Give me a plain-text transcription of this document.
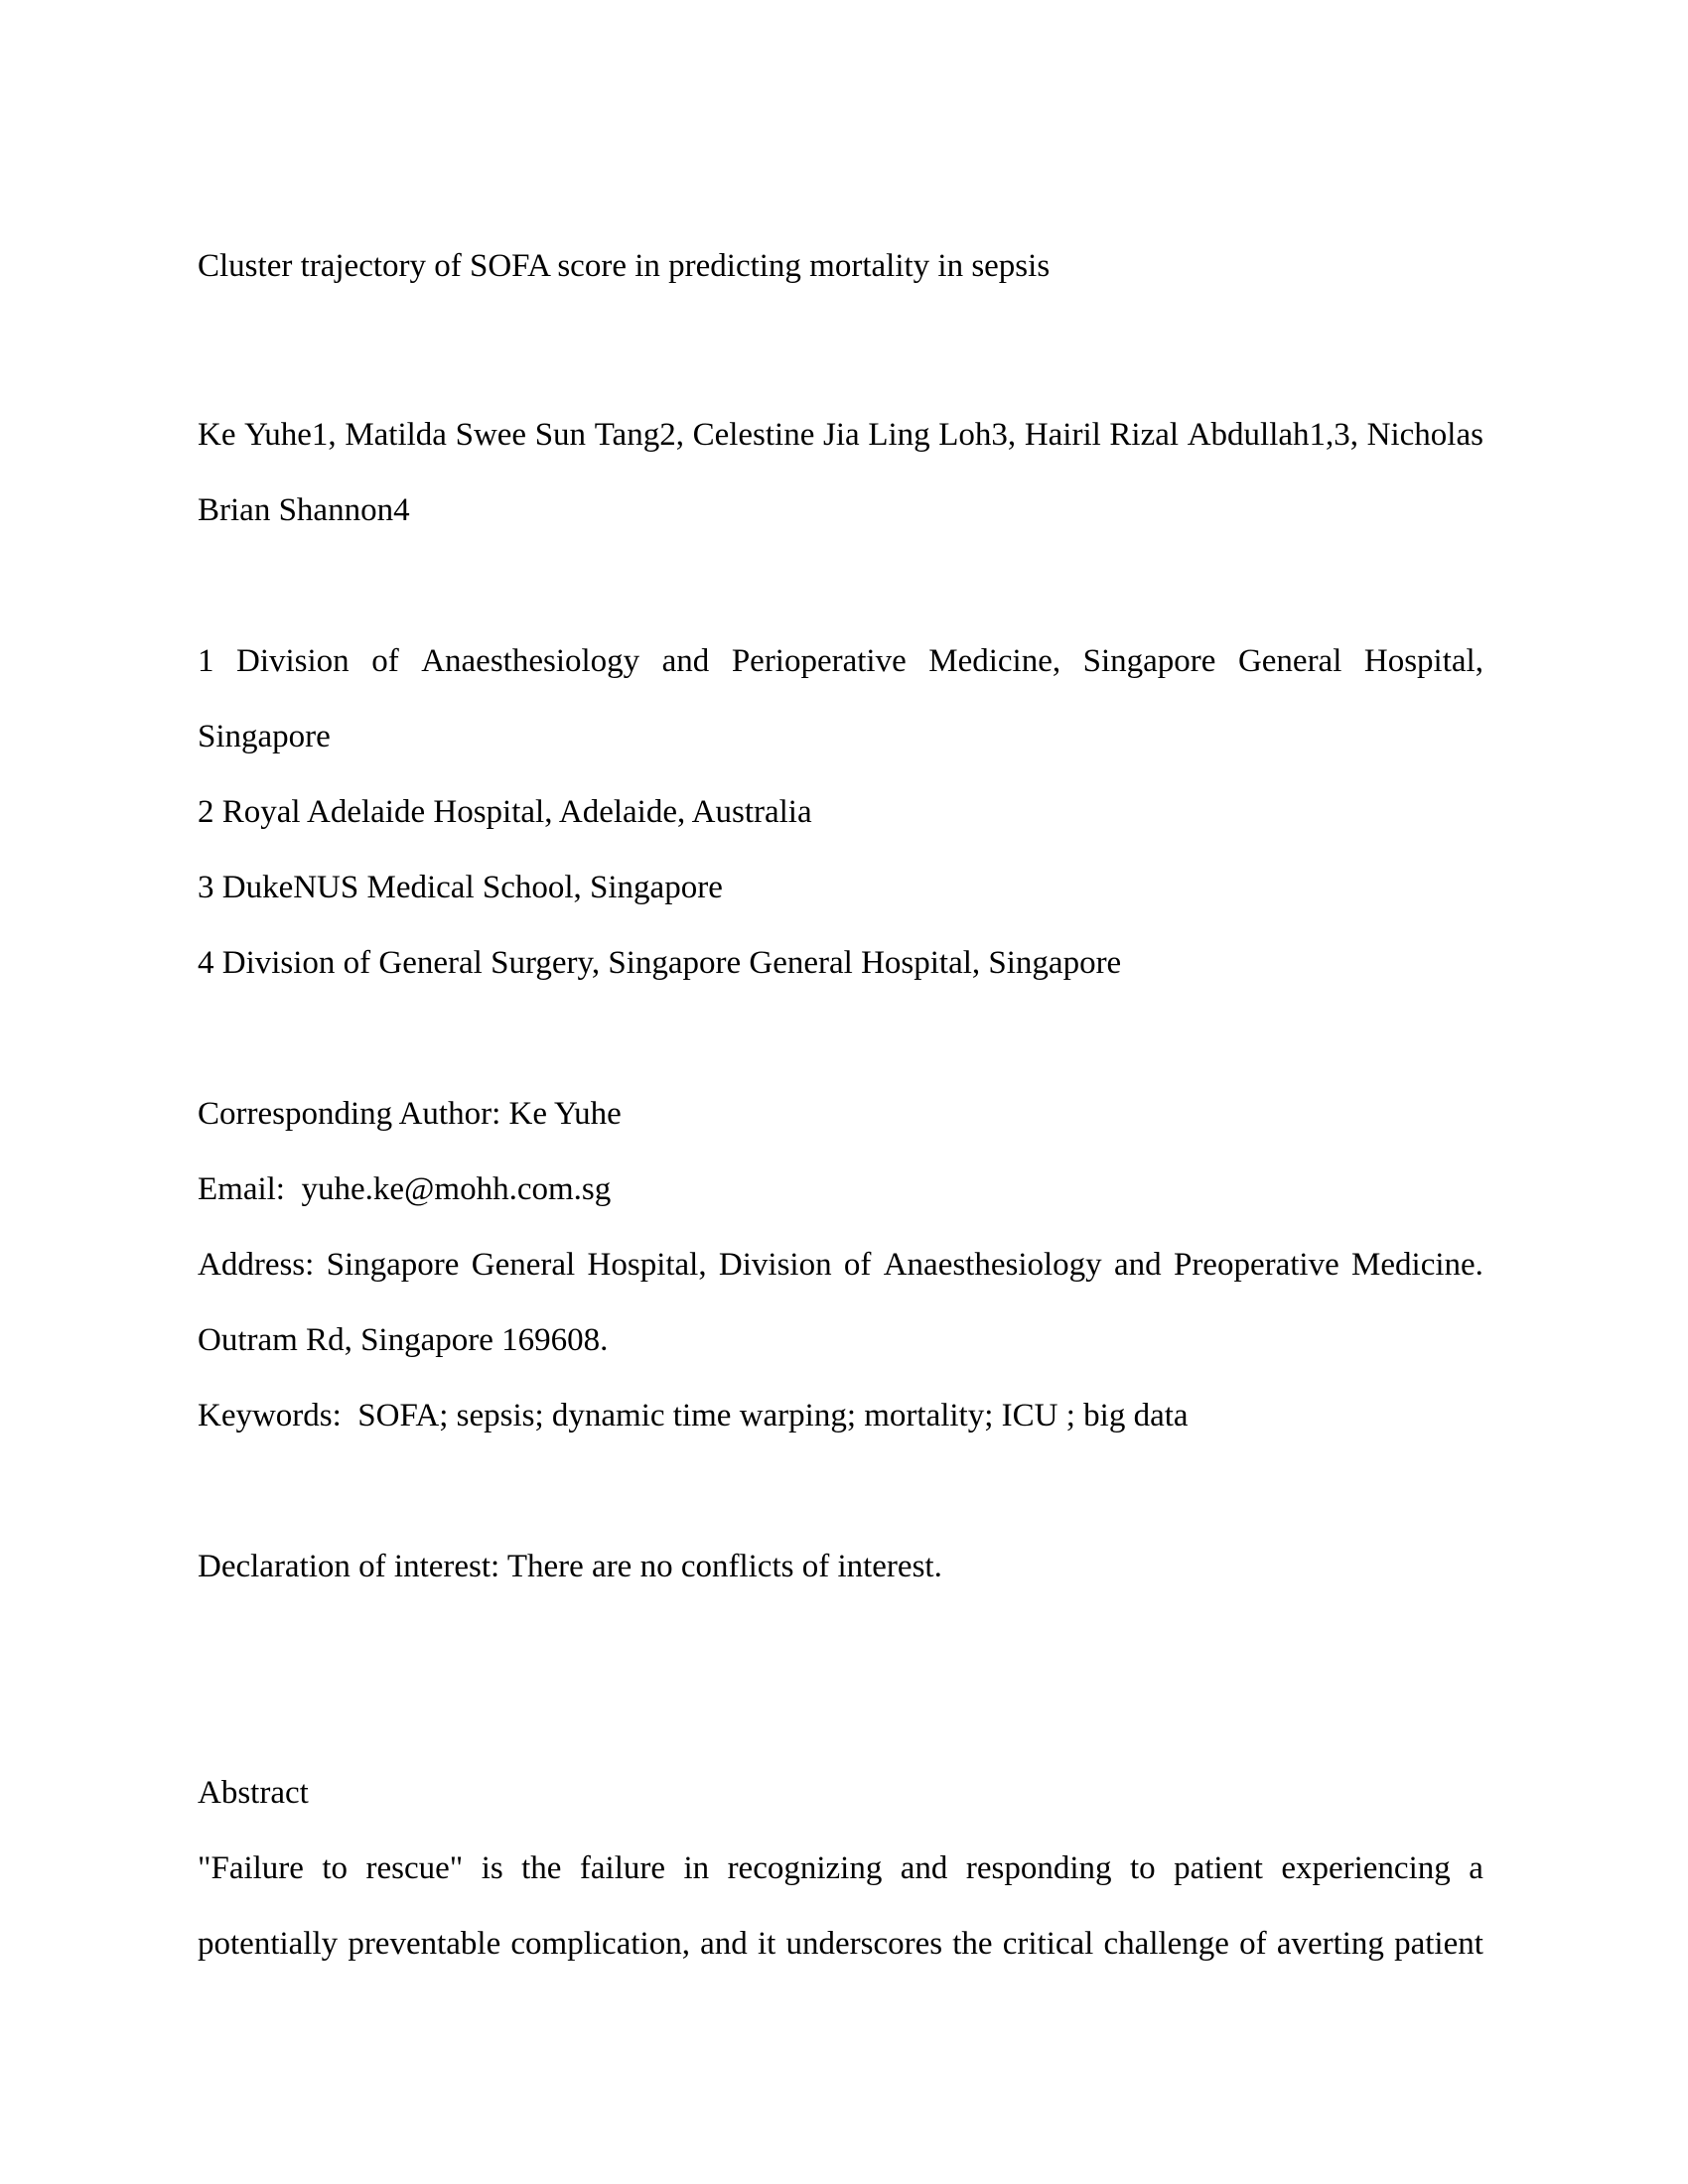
Cluster trajectory of SOFA score in predicting mortality in sepsis
Ke Yuhe1, Matilda Swee Sun Tang2, Celestine Jia Ling Loh3, Hairil Rizal Abdullah1,3, Nicholas
Brian Shannon4
1 Division of Anaesthesiology and Perioperative Medicine, Singapore General Hospital,
Singapore
2 Royal Adelaide Hospital, Adelaide, Australia
3 DukeNUS Medical School, Singapore
4 Division of General Surgery, Singapore General Hospital, Singapore
Corresponding Author: Ke Yuhe
Email:  yuhe.ke@mohh.com.sg
Address: Singapore General Hospital, Division of Anaesthesiology and Preoperative Medicine.
Outram Rd, Singapore 169608.
Keywords:  SOFA; sepsis; dynamic time warping; mortality; ICU ; big data
Declaration of interest: There are no conflicts of interest.
Abstract
"Failure to rescue" is the failure in recognizing and responding to patient experiencing a
potentially preventable complication, and it underscores the critical challenge of averting patient
